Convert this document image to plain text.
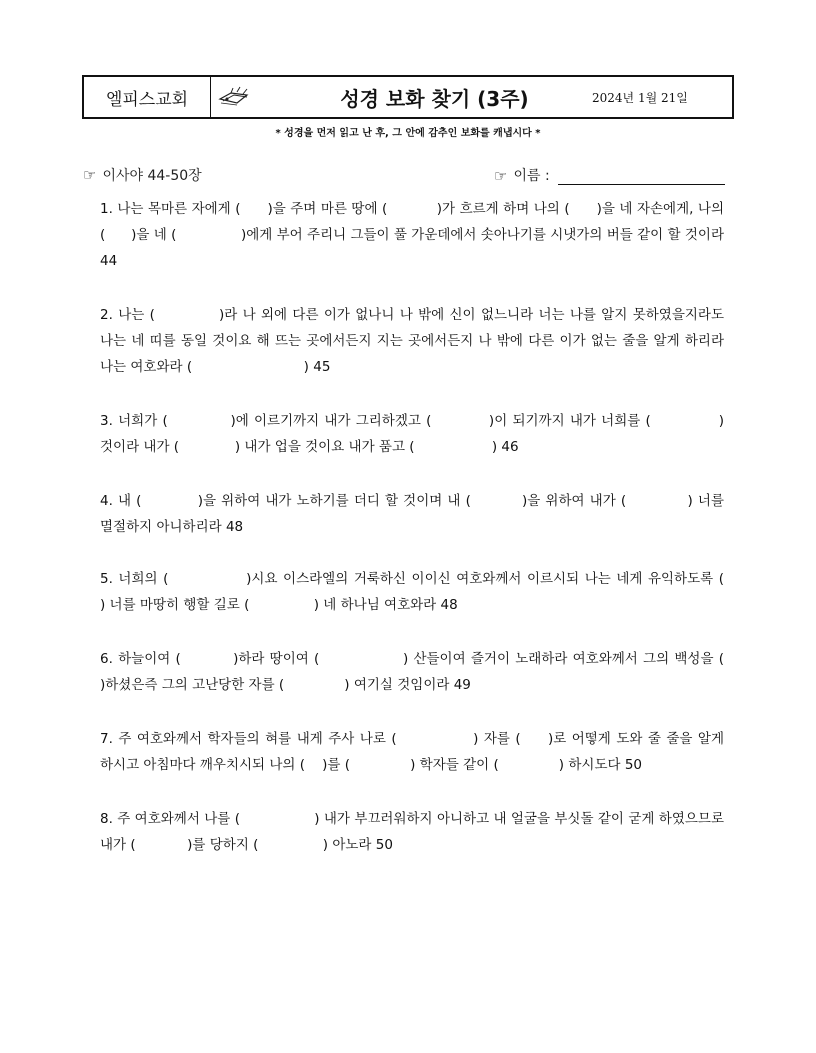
엘피스교회	성경 보화 찾기 (3주)	2024년 1월 21일
* 성경을 먼저 읽고 난 후, 그 안에 감추인 보화를 캐냅시다 *
☞ 이사야 44-50장	☞ 이름 :

1. 나는 목마른 자에게 (      )을 주며 마른 땅에 (           )가 흐르게 하며 나의 (      )을 네 자손에게, 나의 (      )을 네 (               )에게 부어 주리니 그들이 풀 가운데에서 솟아나기를 시냇가의 버들 같이 할 것이라 44

2. 나는 (            )라 나 외에 다른 이가 없나니 나 밖에 신이 없느니라 너는 나를 알지 못하였을지라도 나는 네 띠를 동일 것이요 해 뜨는 곳에서든지 지는 곳에서든지 나 밖에 다른 이가 없는 줄을 알게 하리라 나는 여호와라 (                          ) 45

3. 너희가 (            )에 이르기까지 내가 그리하겠고 (           )이 되기까지 내가 너희를 (             ) 것이라 내가 (             ) 내가 업을 것이요 내가 품고 (                  ) 46

4. 내 (           )을 위하여 내가 노하기를 더디 할 것이며 내 (          )을 위하여 내가 (            ) 너를 멸절하지 아니하리라 48

5. 너희의 (              )시요 이스라엘의 거룩하신 이이신 여호와께서 이르시되 나는 네게 유익하도록 (              ) 너를 마땅히 행할 길로 (               ) 네 하나님 여호와라 48

6. 하늘이여 (          )하라 땅이여 (                ) 산들이여 즐거이 노래하라 여호와께서 그의 백성을 (             )하셨은즉 그의 고난당한 자를 (              ) 여기실 것임이라 49

7. 주 여호와께서 학자들의 혀를 내게 주사 나로 (              ) 자를 (     )로 어떻게 도와 줄 줄을 알게 하시고 아침마다 깨우치시되 나의 (    )를 (              ) 학자들 같이 (              ) 하시도다 50

8. 주 여호와께서 나를 (                 ) 내가 부끄러워하지 아니하고 내 얼굴을 부싯돌 같이 굳게 하였으므로 내가 (            )를 당하지 (               ) 아노라 50
